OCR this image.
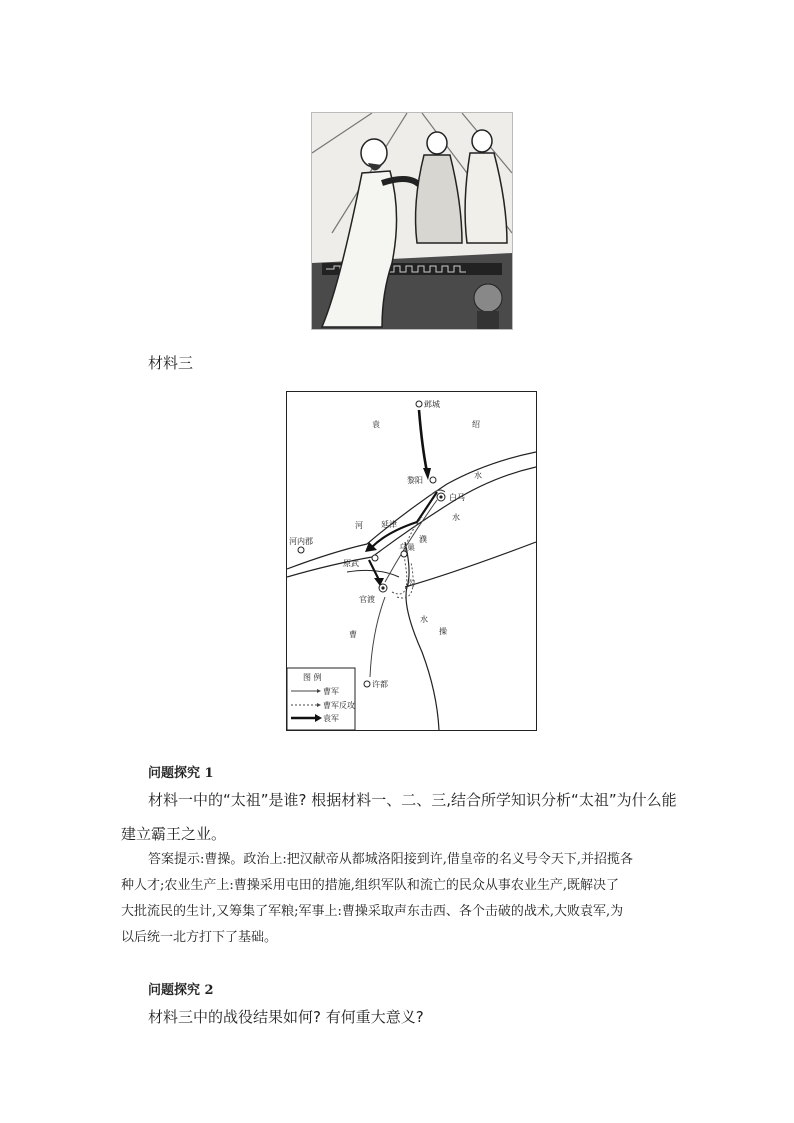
材料三
邺城
黎阳
白马
延津
乌巢
原武
官渡
河内郡
许都
袁	绍
曹	操
河
水
水
濮
水
沟
图 例
曹军
曹军反攻
袁军
问题探究 1
材料一中的“太祖”是谁? 根据材料一、二、三,结合所学知识分析“太祖”为什么能
建立霸王之业。
答案提示:曹操。政治上:把汉献帝从都城洛阳接到许,借皇帝的名义号令天下,并招揽各
种人才;农业生产上:曹操采用屯田的措施,组织军队和流亡的民众从事农业生产,既解决了
大批流民的生计,又筹集了军粮;军事上:曹操采取声东击西、各个击破的战术,大败袁军,为
以后统一北方打下了基础。
问题探究 2
材料三中的战役结果如何? 有何重大意义?
